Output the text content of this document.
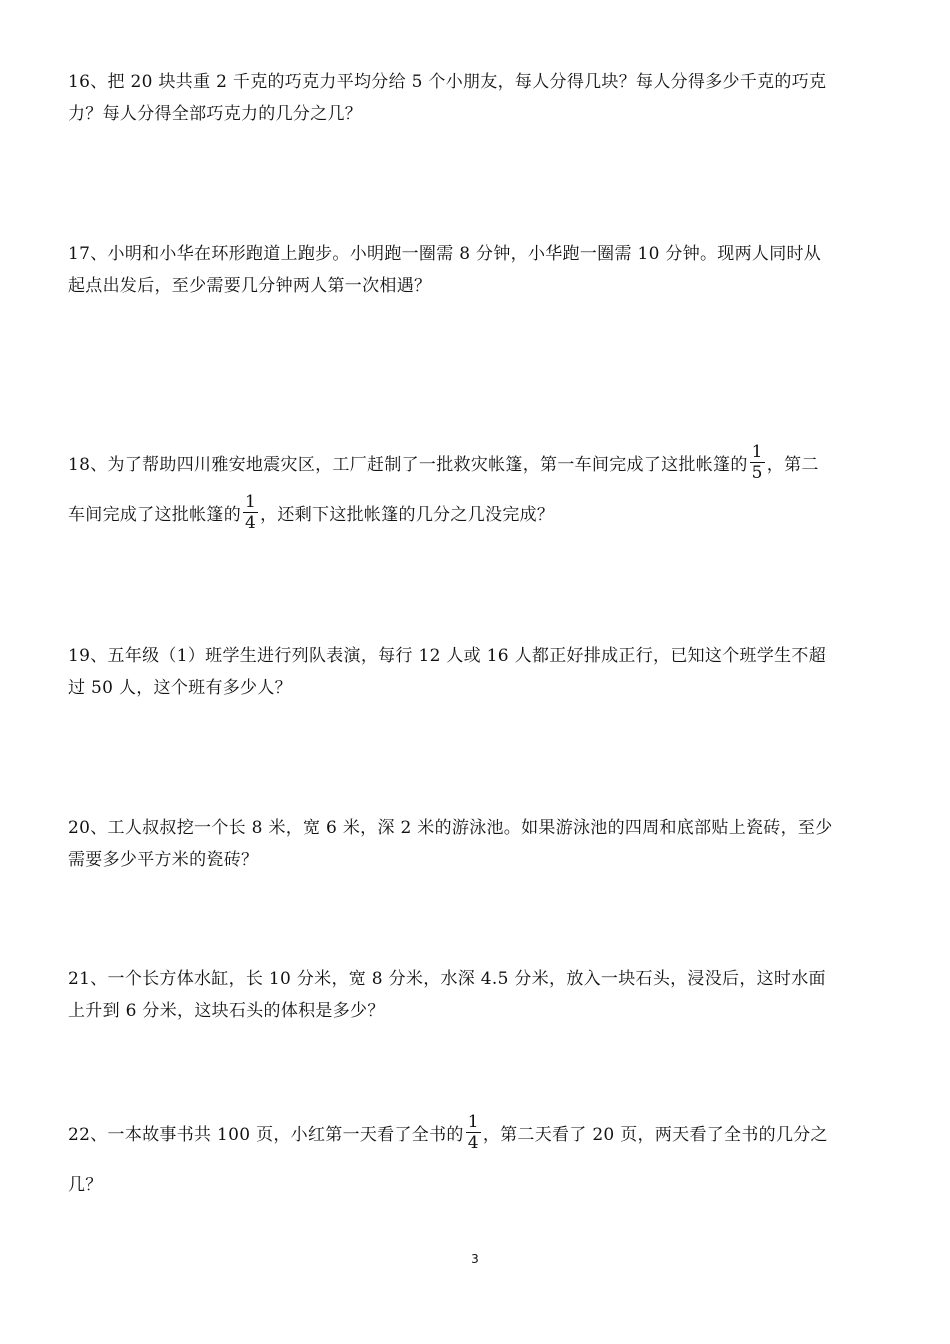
16、把 20 块共重 2 千克的巧克力平均分给 5 个小朋友，每人分得几块？每人分得多少千克的巧克
力？每人分得全部巧克力的几分之几？
17、小明和小华在环形跑道上跑步。小明跑一圈需 8 分钟，小华跑一圈需 10 分钟。现两人同时从
起点出发后，至少需要几分钟两人第一次相遇？
18、为了帮助四川雅安地震灾区，工厂赶制了一批救灾帐篷，第一车间完成了这批帐篷的 $\frac{1}{5}$ ，第二
车间完成了这批帐篷的 $\frac{1}{4}$ ，还剩下这批帐篷的几分之几没完成？
19、五年级（1）班学生进行列队表演，每行 12 人或 16 人都正好排成正行，已知这个班学生不超
过 50 人，这个班有多少人？
20、工人叔叔挖一个长 8 米，宽 6 米，深 2 米的游泳池。如果游泳池的四周和底部贴上瓷砖，至少
需要多少平方米的瓷砖？
21、一个长方体水缸，长 10 分米，宽 8 分米，水深 4.5 分米，放入一块石头，浸没后，这时水面
上升到 6 分米，这块石头的体积是多少？
22、一本故事书共 100 页，小红第一天看了全书的 $\frac{1}{4}$ ，第二天看了 20 页，两天看了全书的几分之
几？
3
